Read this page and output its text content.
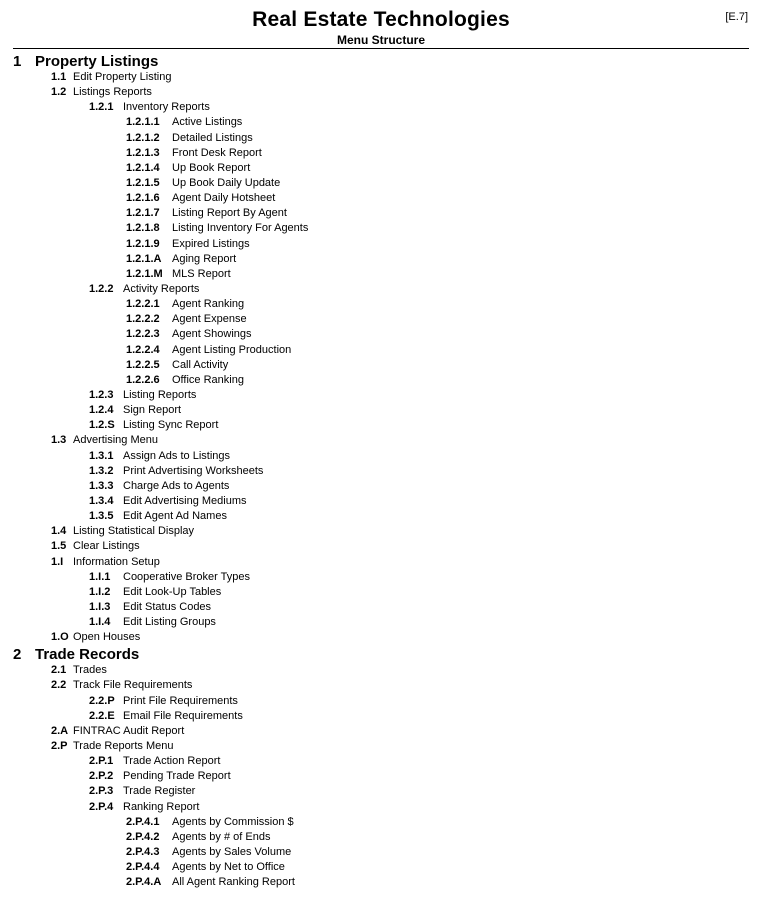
Real Estate Technologies
Menu Structure
[E.7]
1 Property Listings
1.1 Edit Property Listing
1.2 Listings Reports
1.2.1 Inventory Reports
1.2.1.1 Active Listings
1.2.1.2 Detailed Listings
1.2.1.3 Front Desk Report
1.2.1.4 Up Book Report
1.2.1.5 Up Book Daily Update
1.2.1.6 Agent Daily Hotsheet
1.2.1.7 Listing Report By Agent
1.2.1.8 Listing Inventory For Agents
1.2.1.9 Expired Listings
1.2.1.A Aging Report
1.2.1.M MLS Report
1.2.2 Activity Reports
1.2.2.1 Agent Ranking
1.2.2.2 Agent Expense
1.2.2.3 Agent Showings
1.2.2.4 Agent Listing Production
1.2.2.5 Call Activity
1.2.2.6 Office Ranking
1.2.3 Listing Reports
1.2.4 Sign Report
1.2.S Listing Sync Report
1.3 Advertising Menu
1.3.1 Assign Ads to Listings
1.3.2 Print Advertising Worksheets
1.3.3 Charge Ads to Agents
1.3.4 Edit Advertising Mediums
1.3.5 Edit Agent Ad Names
1.4 Listing Statistical Display
1.5 Clear Listings
1.I Information Setup
1.I.1 Cooperative Broker Types
1.I.2 Edit Look-Up Tables
1.I.3 Edit Status Codes
1.I.4 Edit Listing Groups
1.O Open Houses
2 Trade Records
2.1 Trades
2.2 Track File Requirements
2.2.P Print File Requirements
2.2.E Email File Requirements
2.A FINTRAC Audit Report
2.P Trade Reports Menu
2.P.1 Trade Action Report
2.P.2 Pending Trade Report
2.P.3 Trade Register
2.P.4 Ranking Report
2.P.4.1 Agents by Commission $
2.P.4.2 Agents by # of Ends
2.P.4.3 Agents by Sales Volume
2.P.4.4 Agents by Net to Office
2.P.4.A All Agent Ranking Report
